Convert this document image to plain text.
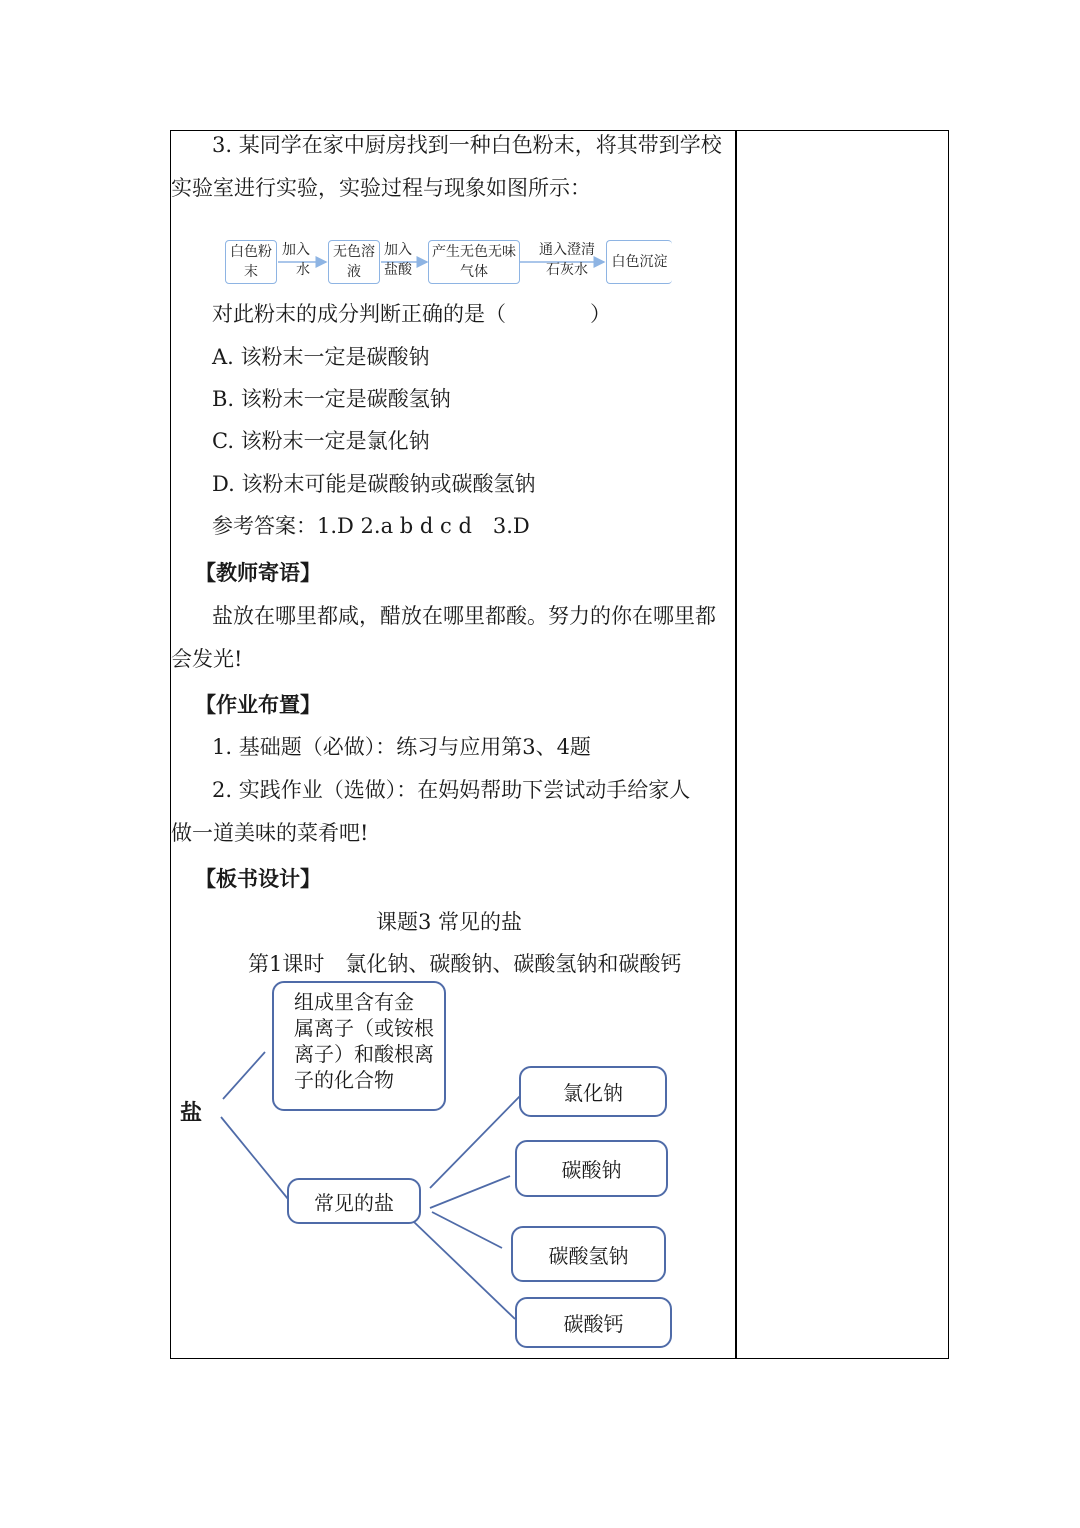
3. 某同学在家中厨房找到一种白色粉末，将其带到学校
实验室进行实验，实验过程与现象如图所示：
白色粉
末
加入
水
无色溶
液
加入
盐酸
产生无色无味
气体
通入澄清
石灰水	白色沉淀
对此粉末的成分判断正确的是（　　　　）
A. 该粉末一定是碳酸钠
B. 该粉末一定是碳酸氢钠
C. 该粉末一定是氯化钠
D. 该粉末可能是碳酸钠或碳酸氢钠
参考答案：1.D 2.a b d c d　3.D
【教师寄语】
盐放在哪里都咸，醋放在哪里都酸。努力的你在哪里都
会发光!
【作业布置】
1. 基础题（必做）：练习与应用第3、4题
2. 实践作业（选做）：在妈妈帮助下尝试动手给家人
做一道美味的菜肴吧!
【板书设计】
课题3 常见的盐
第1课时　氯化钠、碳酸钠、碳酸氢钠和碳酸钙
盐
组成里含有金
属离子（或铵根
离子）和酸根离
子的化合物
常见的盐
氯化钠
碳酸钠
碳酸氢钠
碳酸钙
